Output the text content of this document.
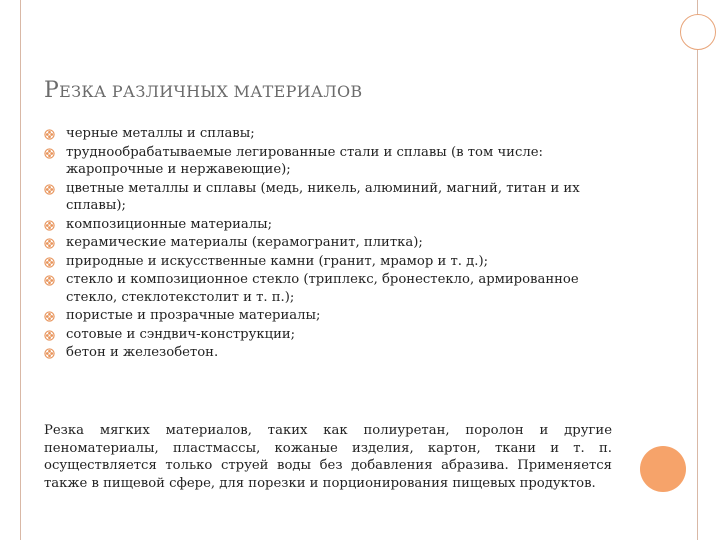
РЕЗКА РАЗЛИЧНЫХ МАТЕРИАЛОВ
черные металлы и сплавы;
труднообрабатываемые легированные стали и сплавы (в том числе: жаропрочные и нержавеющие);
цветные металлы и сплавы (медь, никель, алюминий, магний, титан и их сплавы);
композиционные материалы;
керамические материалы (керамогранит, плитка);
природные и искусственные камни (гранит, мрамор и т. д.);
стекло и композиционное стекло (триплекс, бронестекло, армированное стекло, стеклотекстолит и т. п.);
пористые и прозрачные материалы;
сотовые и сэндвич-конструкции;
бетон и железобетон.

Резка мягких материалов, таких как полиуретан, поролон и другие пеноматериалы, пластмассы, кожаные изделия, картон, ткани и т. п. осуществляется только струей воды без добавления абразива. Применяется также в пищевой сфере, для порезки и порционирования пищевых продуктов.
